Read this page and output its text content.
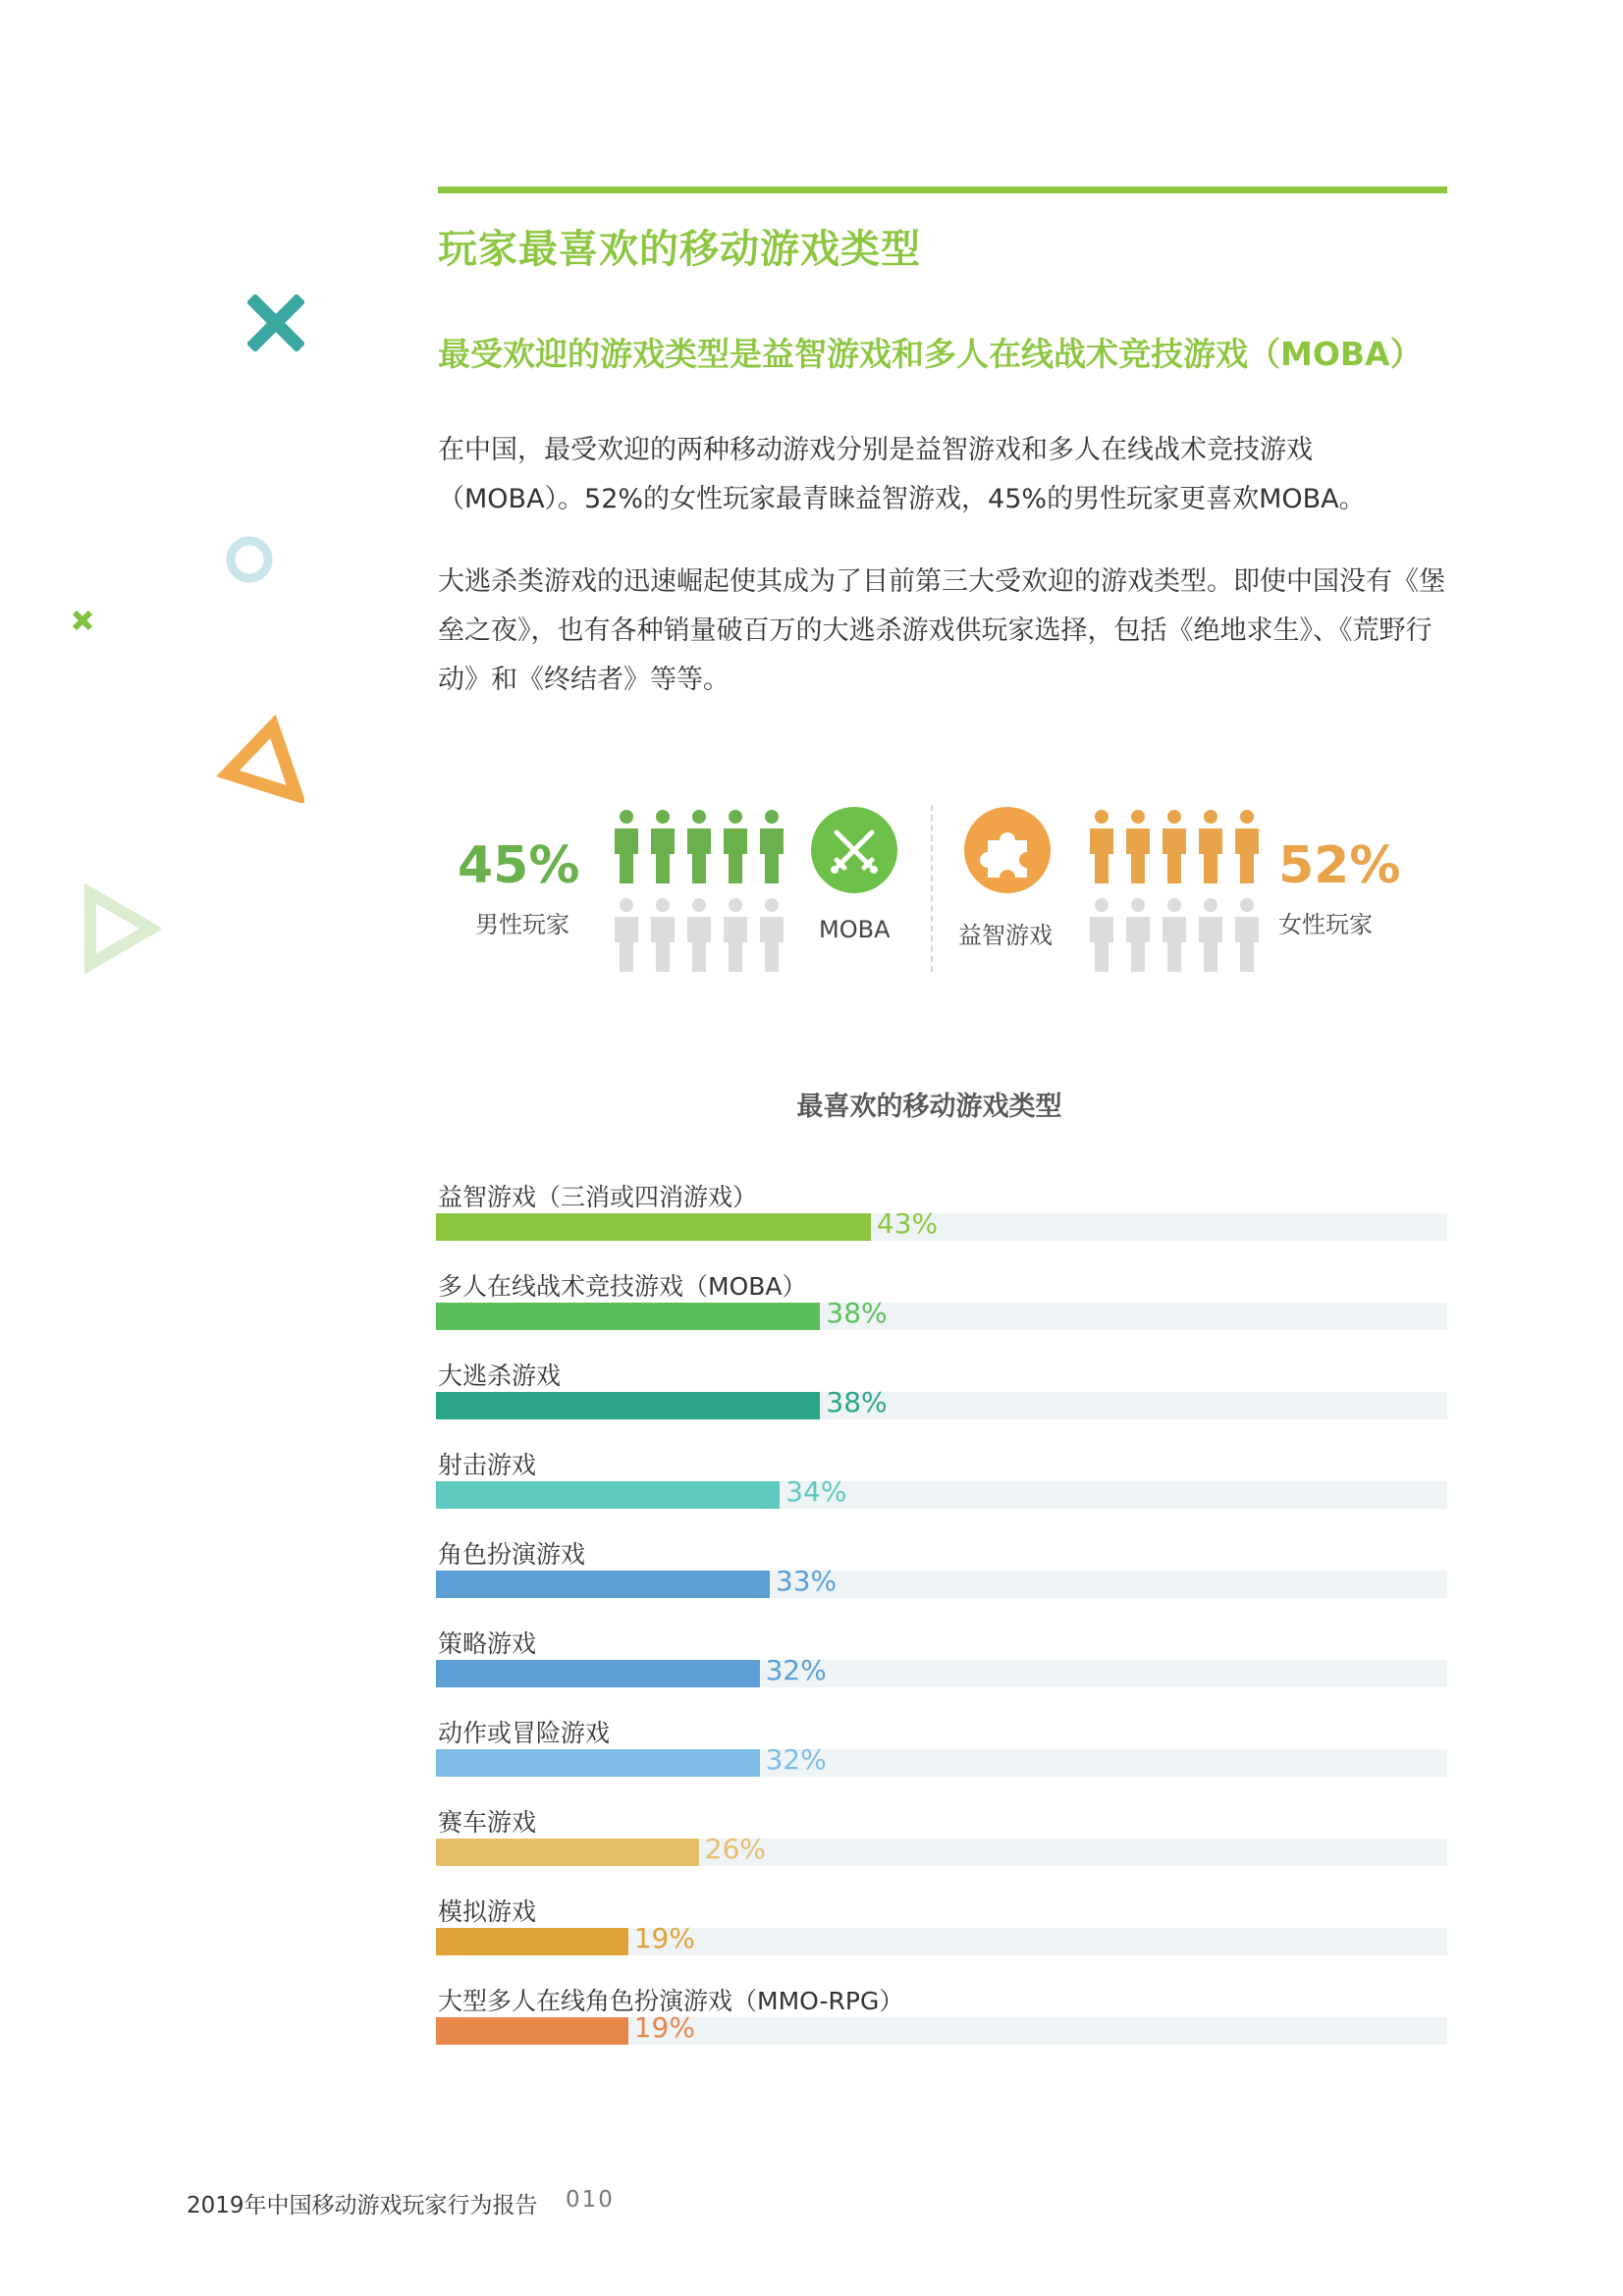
玩家最喜欢的移动游戏类型
最受欢迎的游戏类型是益智游戏和多人在线战术竞技游戏（MOBA）
在中国，最受欢迎的两种移动游戏分别是益智游戏和多人在线战术竞技游戏（MOBA）。52%的女性玩家最青睐益智游戏，45%的男性玩家更喜欢MOBA。
大逃杀类游戏的迅速崛起使其成为了目前第三大受欢迎的游戏类型。即使中国没有《堡垒之夜》，也有各种销量破百万的大逃杀游戏供玩家选择，包括《绝地求生》、《荒野行动》和《终结者》等等。
45%
男性玩家	MOBA	益智游戏
52%
女性玩家
最喜欢的移动游戏类型
益智游戏（三消或四消游戏）
43%
多人在线战术竞技游戏（MOBA）
38%
大逃杀游戏
38%
射击游戏
34%
角色扮演游戏
33%
策略游戏
32%
动作或冒险游戏
32%
赛车游戏
26%
模拟游戏
19%
大型多人在线角色扮演游戏（MMO-RPG）
19%
2019年中国移动游戏玩家行为报告 010
